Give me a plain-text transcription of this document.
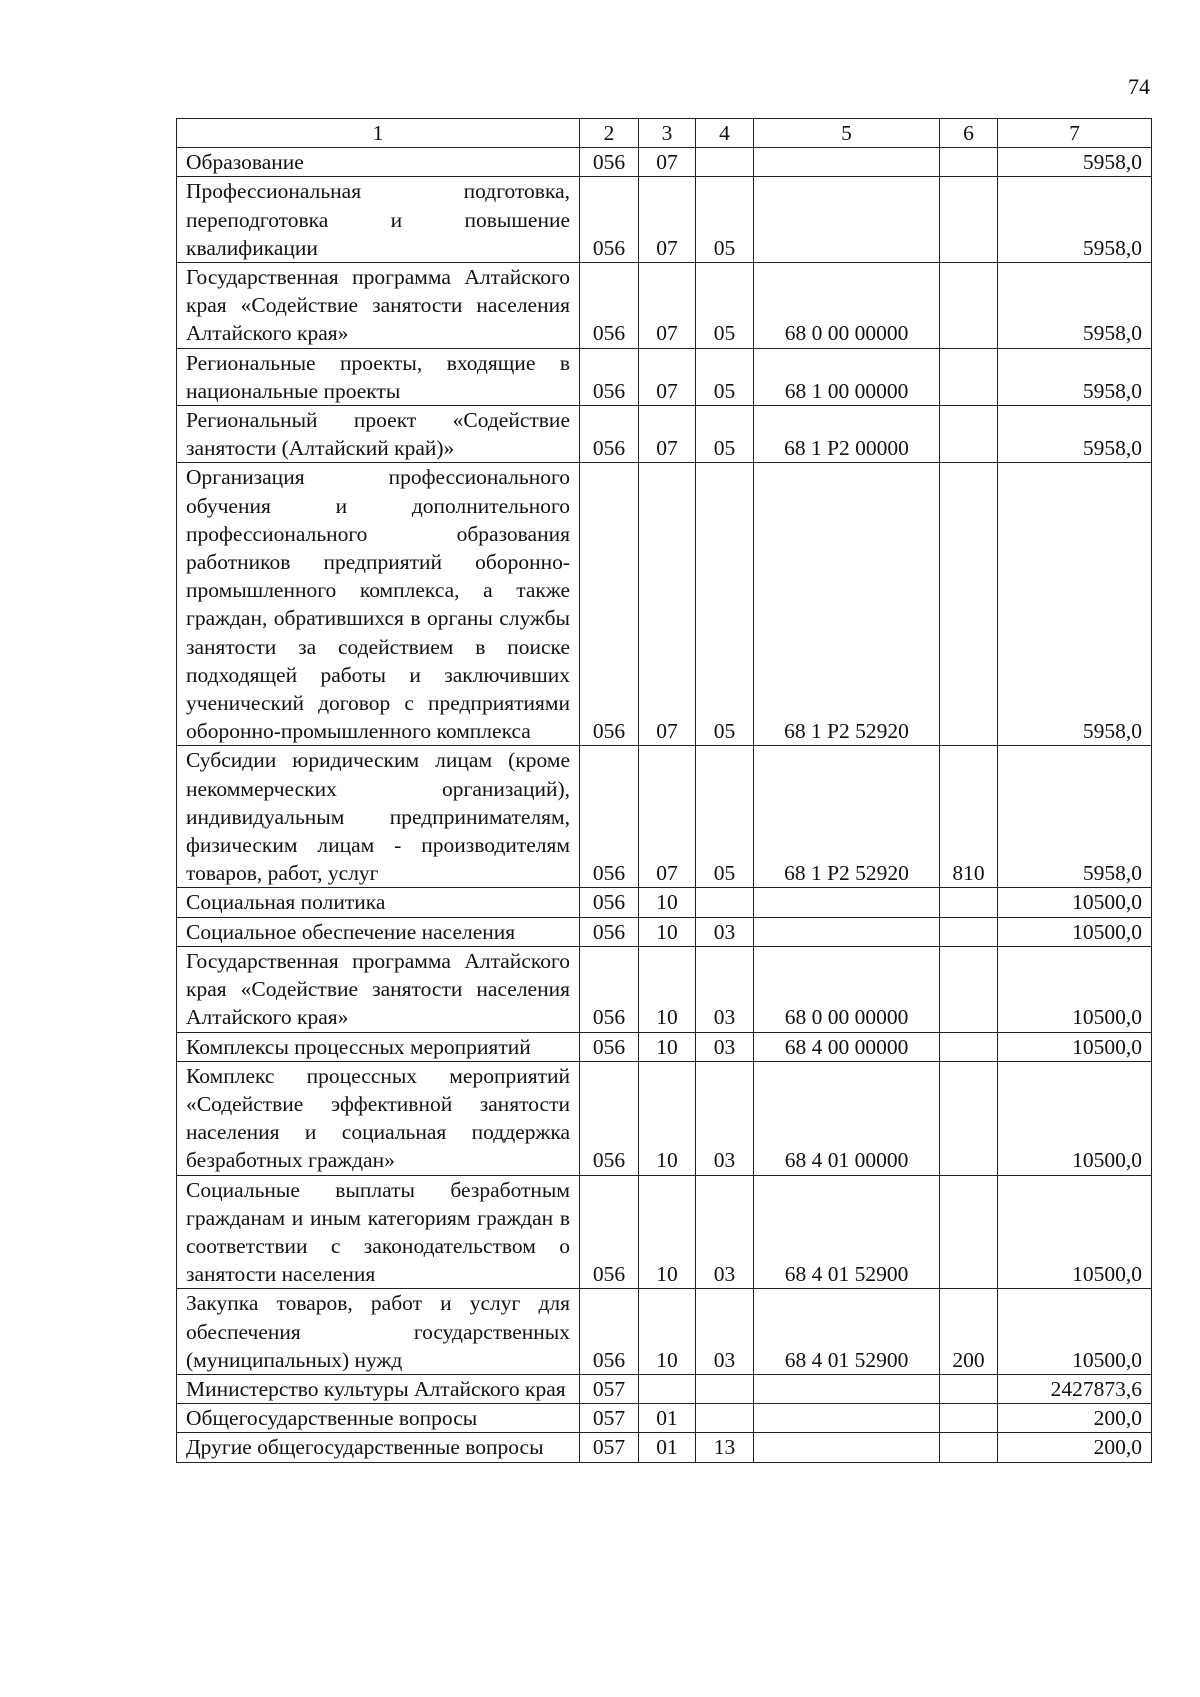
74
1	2	3	4	5	6	7
Образование	056	07				5958,0
Профессиональная подготовка, переподготовка и повышение квалификации	056	07	05			5958,0
Государственная программа Алтайского края «Содействие занятости населения Алтайского края»	056	07	05	68 0 00 00000		5958,0
Региональные проекты, входящие в национальные проекты	056	07	05	68 1 00 00000		5958,0
Региональный проект «Содействие занятости (Алтайский край)»	056	07	05	68 1 Р2 00000		5958,0
Организация профессионального обучения и дополнительного профессионального образования работников предприятий оборонно-промышленного комплекса, а также граждан, обратившихся в органы службы занятости за содействием в поиске подходящей работы и заключивших ученический договор с предприятиями оборонно-промышленного комплекса	056	07	05	68 1 Р2 52920		5958,0
Субсидии юридическим лицам (кроме некоммерческих организаций), индивидуальным предпринимателям, физическим лицам - производителям товаров, работ, услуг	056	07	05	68 1 Р2 52920	810	5958,0
Социальная политика	056	10				10500,0
Социальное обеспечение населения	056	10	03			10500,0
Государственная программа Алтайского края «Содействие занятости населения Алтайского края»	056	10	03	68 0 00 00000		10500,0
Комплексы процессных мероприятий	056	10	03	68 4 00 00000		10500,0
Комплекс процессных мероприятий «Содействие эффективной занятости населения и социальная поддержка безработных граждан»	056	10	03	68 4 01 00000		10500,0
Социальные выплаты безработным гражданам и иным категориям граждан в соответствии с законодательством о занятости населения	056	10	03	68 4 01 52900		10500,0
Закупка товаров, работ и услуг для обеспечения государственных (муниципальных) нужд	056	10	03	68 4 01 52900	200	10500,0
Министерство культуры Алтайского края	057					2427873,6
Общегосударственные вопросы	057	01				200,0
Другие общегосударственные вопросы	057	01	13			200,0
